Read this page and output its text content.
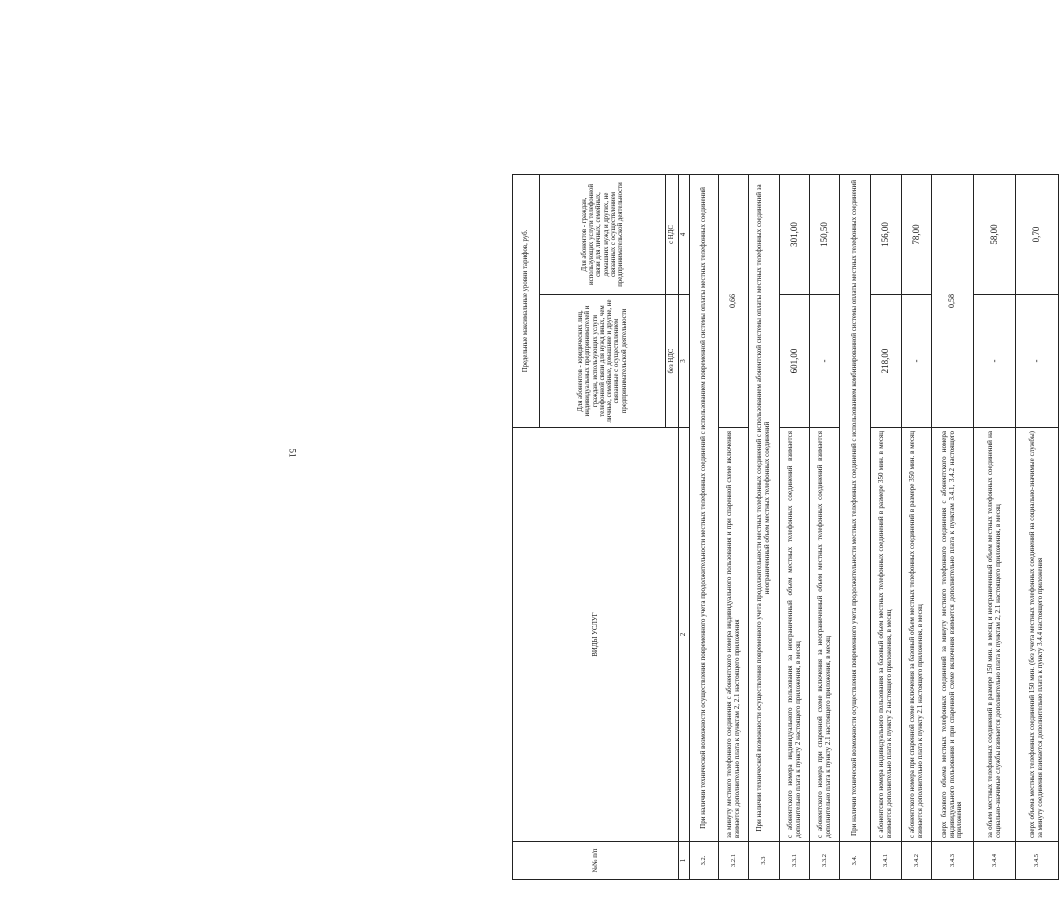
51
№№ п/п	ВИДЫ УСЛУГ	Предельные максимальные уровни тарифов, руб.	
		Для абонентов - юридических лиц, индивидуальных предпринимателей и граждан, использующих услуги телефонной связи для нужд иных, чем личные, семейные, домашние и другие, не связанные с осуществлением предпринимательской деятельности	Для абонентов - граждан, использующих услуги телефонной связи для личных, семейных, домашних нужд и других, не связанных с осуществлением предпринимательской деятельности
		без НДС	с НДС
1	2	3	4
3.2.	При наличии технической возможности осуществления повременного учета продолжительности местных телефонных соединений с использованием повременной системы оплаты местных телефонных соединений		
3.2.1	за минуту местного телефонного соединения с абонентского номера индивидуального пользования и при спаренной схеме включения взимается дополнительно плата к пунктам 2, 2.1 настоящего приложения	0,66	
3.3	При наличии технической возможности осуществления повременного учета продолжительности местных телефонных соединений с использованием абонентской системы оплаты местных телефонных соединений за неограниченный объем местных телефонных соединений		
3.3.1	с абонентского номера индивидуального пользования за неограниченный объем местных телефонных соединений взимается дополнительно плата к пункту 2 настоящего приложения, в месяц	601,00	301,00
3.3.2	с абонентского номера при спаренной схеме включения за неограниченный объем местных телефонных соединений взимается дополнительно плата к пункту 2.1 настоящего приложения, в месяц	-	150,50
3.4.	При наличии технической возможности осуществления повременного учета продолжительности местных телефонных соединений с использованием комбинированной системы оплаты местных телефонных соединений		
3.4.1	с абонентского номера индивидуального пользования за базовый объем местных телефонных соединений в размере 350 мин. в месяц взимается дополнительно плата к пункту 2 настоящего приложения, в месяц	218,00	156,00
3.4.2	с абонентского номера при спаренной схеме включения за базовый объем местных телефонных соединений в размере 350 мин. в месяц взимается дополнительно плата к пункту 2.1 настоящего приложения, в месяц	-	78,00
3.4.3	сверх базового объема местных телефонных соединений за минуту местного телефонного соединения с абонентского номера индивидуального пользования и при спаренной схеме включения взимается дополнительно плата к пунктам 3.4.1, 3.4.2 настоящего приложения	0,58	
3.4.4	за объем местных телефонных соединений в размере 150 мин. в месяц и неограниченный объем местных телефонных соединений на социально-значимые службы взимается дополнительно плата к пунктам 2, 2.1 настоящего приложения, в месяц	-	58,00
3.4.5	сверх объема местных телефонных соединений 150 мин. (без учета местных телефонных соединений на социально-значимые службы) за минуту соединения взимается дополнительно плата к пункту 3.4.4 настоящего приложения	-	0,70
